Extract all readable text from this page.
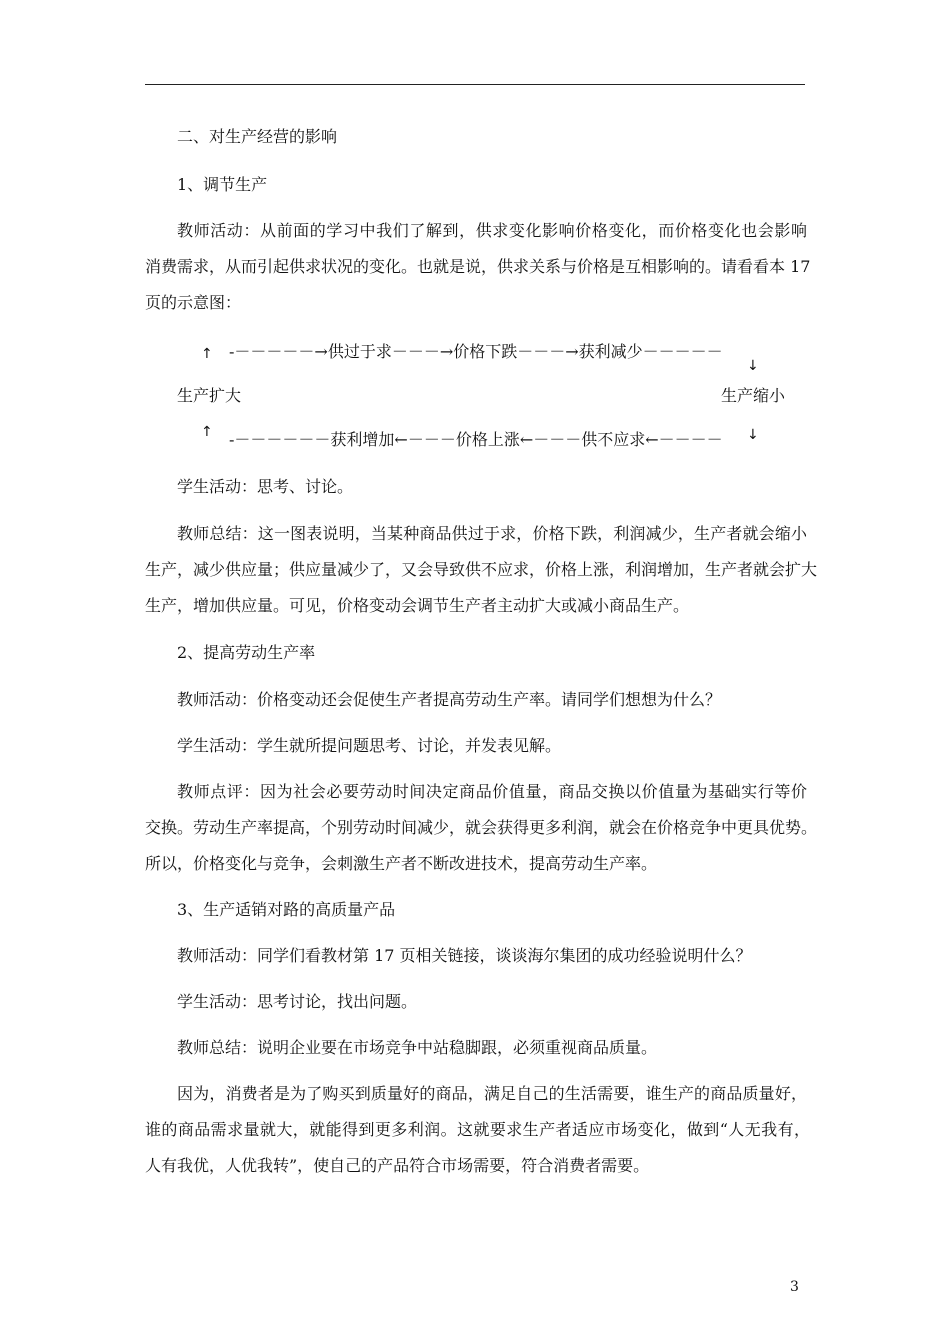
二、对生产经营的影响
1、调节生产
教师活动：从前面的学习中我们了解到，供求变化影响价格变化，而价格变化也会影响
消费需求，从而引起供求状况的变化。也就是说，供求关系与价格是互相影响的。请看看本 17
页的示意图：
↑ -－－－－－→供过于求－－－→价格下跌－－－→获利减少－－－－－
↓
生产扩大	生产缩小
↑ -－－－－－－获利增加←－－－价格上涨←－－－供不应求←－－－－ ↓
学生活动：思考、讨论。
教师总结：这一图表说明，当某种商品供过于求，价格下跌，利润减少，生产者就会缩小
生产，减少供应量；供应量减少了，又会导致供不应求，价格上涨，利润增加，生产者就会扩大
生产，增加供应量。可见，价格变动会调节生产者主动扩大或减小商品生产。
2、提高劳动生产率
教师活动：价格变动还会促使生产者提高劳动生产率。请同学们想想为什么？
学生活动：学生就所提问题思考、讨论，并发表见解。
教师点评：因为社会必要劳动时间决定商品价值量，商品交换以价值量为基础实行等价
交换。劳动生产率提高，个别劳动时间减少，就会获得更多利润，就会在价格竞争中更具优势。
所以，价格变化与竞争，会刺激生产者不断改进技术，提高劳动生产率。
3、生产适销对路的高质量产品
教师活动：同学们看教材第 17 页相关链接，谈谈海尔集团的成功经验说明什么？
学生活动：思考讨论，找出问题。
教师总结：说明企业要在市场竞争中站稳脚跟，必须重视商品质量。
因为，消费者是为了购买到质量好的商品，满足自己的生活需要，谁生产的商品质量好，
谁的商品需求量就大，就能得到更多利润。这就要求生产者适应市场变化，做到“人无我有，
人有我优，人优我转”，使自己的产品符合市场需要，符合消费者需要。
3
